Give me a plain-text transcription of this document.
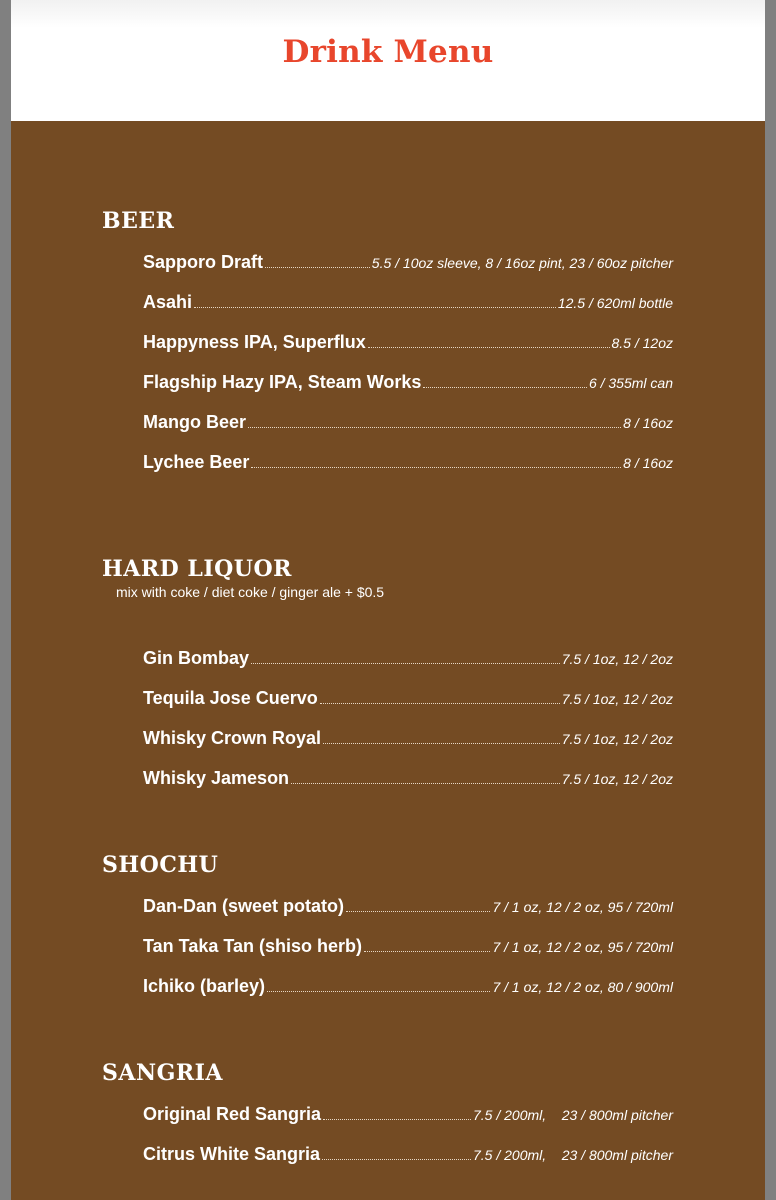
Drink Menu
BEER
Sapporo Draft	5.5 / 10oz sleeve, 8 / 16oz pint, 23 / 60oz pitcher
Asahi	12.5 / 620ml bottle
Happyness IPA, Superflux	8.5 / 12oz
Flagship Hazy IPA, Steam Works	6 / 355ml can
Mango Beer	8 / 16oz
Lychee Beer	8 / 16oz
HARD LIQUOR

mix with coke / diet coke / ginger ale + $0.5

Gin Bombay	7.5 / 1oz, 12 / 2oz
Tequila Jose Cuervo	7.5 / 1oz, 12 / 2oz
Whisky Crown Royal	7.5 / 1oz, 12 / 2oz
Whisky Jameson	7.5 / 1oz, 12 / 2oz
SHOCHU
Dan-Dan (sweet potato)	7 / 1 oz, 12 / 2 oz, 95 / 720ml
Tan Taka Tan (shiso herb)	7 / 1 oz, 12 / 2 oz, 95 / 720ml
Ichiko (barley)	7 / 1 oz, 12 / 2 oz, 80 / 900ml
SANGRIA
Original Red Sangria	7.5 / 200ml,    23 / 800ml pitcher
Citrus White Sangria	7.5 / 200ml,    23 / 800ml pitcher
